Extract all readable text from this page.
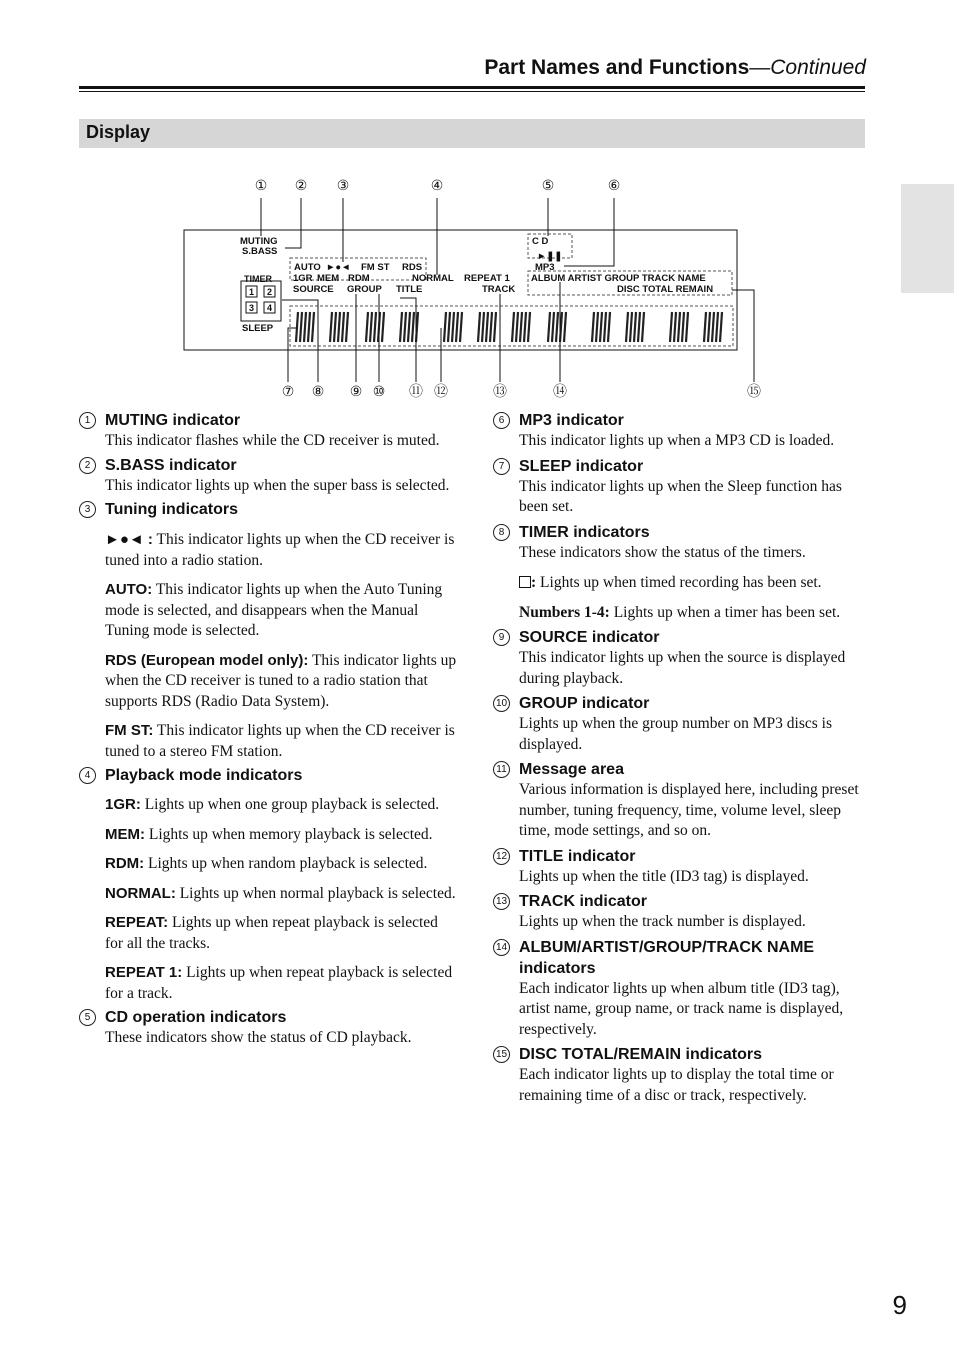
Part Names and Functions—Continued
Display
① ② ③	④	⑤	⑥
MUTING
S.BASS
TIMER
SLEEP
1 2
3 4
AUTO ►●◄ FM ST RDS
1GR MEM RDM	NORMAL REPEAT 1
SOURCE GROUP TITLE	TRACK
C D
►❚❚
MP3
ALBUM ARTIST GROUP TRACK NAME
DISC TOTAL REMAIN
⑦ ⑧ ⑨ ⑩ ⑪ ⑫	⑬	⑭	⑮
1 MUTING indicator
This indicator flashes while the CD receiver is muted.
2 S.BASS indicator
This indicator lights up when the super bass is selected.
3 Tuning indicators
►●◄ : This indicator lights up when the CD receiver is tuned into a radio station.
AUTO: This indicator lights up when the Auto Tuning mode is selected, and disappears when the Manual Tuning mode is selected.
RDS (European model only): This indicator lights up when the CD receiver is tuned to a radio station that supports RDS (Radio Data System).
FM ST: This indicator lights up when the CD receiver is tuned to a stereo FM station.
4 Playback mode indicators
1GR: Lights up when one group playback is selected.
MEM: Lights up when memory playback is selected.
RDM: Lights up when random playback is selected.
NORMAL: Lights up when normal playback is selected.
REPEAT: Lights up when repeat playback is selected for all the tracks.
REPEAT 1: Lights up when repeat playback is selected for a track.
5 CD operation indicators
These indicators show the status of CD playback.
6 MP3 indicator
This indicator lights up when a MP3 CD is loaded.
7 SLEEP indicator
This indicator lights up when the Sleep function has been set.
8 TIMER indicators
These indicators show the status of the timers.
: Lights up when timed recording has been set.
Numbers 1-4: Lights up when a timer has been set.
9 SOURCE indicator
This indicator lights up when the source is displayed during playback.
10 GROUP indicator
Lights up when the group number on MP3 discs is displayed.
11 Message area
Various information is displayed here, including preset number, tuning frequency, time, volume level, sleep time, mode settings, and so on.
12 TITLE indicator
Lights up when the title (ID3 tag) is displayed.
13 TRACK indicator
Lights up when the track number is displayed.
14 ALBUM/ARTIST/GROUP/TRACK NAME indicators
Each indicator lights up when album title (ID3 tag), artist name, group name, or track name is displayed, respectively.
15 DISC TOTAL/REMAIN indicators
Each indicator lights up to display the total time or remaining time of a disc or track, respectively.
9
